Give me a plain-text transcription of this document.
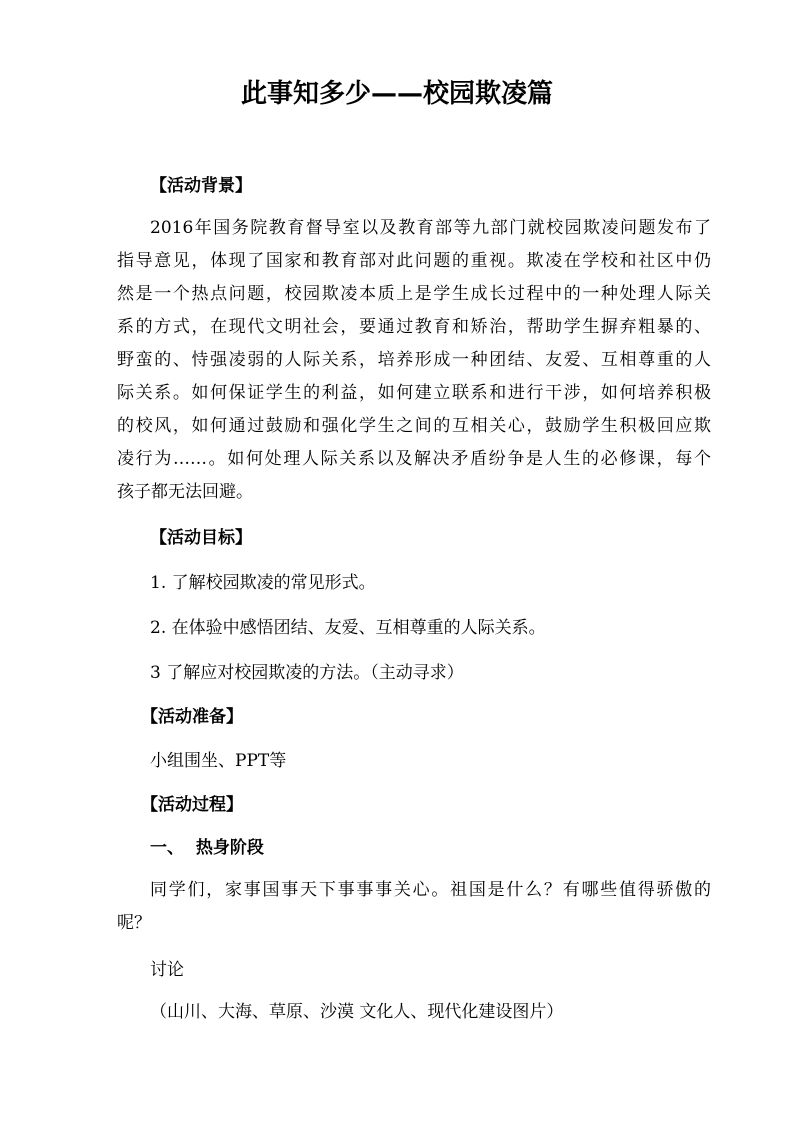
此事知多少——校园欺凌篇
【活动背景】
2016年国务院教育督导室以及教育部等九部门就校园欺凌问题发布了
指导意见，体现了国家和教育部对此问题的重视。欺凌在学校和社区中仍
然是一个热点问题，校园欺凌本质上是学生成长过程中的一种处理人际关
系的方式，在现代文明社会，要通过教育和矫治，帮助学生摒弃粗暴的、
野蛮的、恃强凌弱的人际关系，培养形成一种团结、友爱、互相尊重的人
际关系。如何保证学生的利益，如何建立联系和进行干涉，如何培养积极
的校风，如何通过鼓励和强化学生之间的互相关心，鼓励学生积极回应欺
凌行为……。如何处理人际关系以及解决矛盾纷争是人生的必修课，每个
孩子都无法回避。
【活动目标】
1. 了解校园欺凌的常见形式。
2. 在体验中感悟团结、友爱、互相尊重的人际关系。
3 了解应对校园欺凌的方法。（主动寻求）
【活动准备】
小组围坐、PPT等
【活动过程】
一、  热身阶段
同学们，家事国事天下事事事关心。祖国是什么？有哪些值得骄傲的
呢？
讨论
（山川、大海、草原、沙漠 文化人、现代化建设图片）
